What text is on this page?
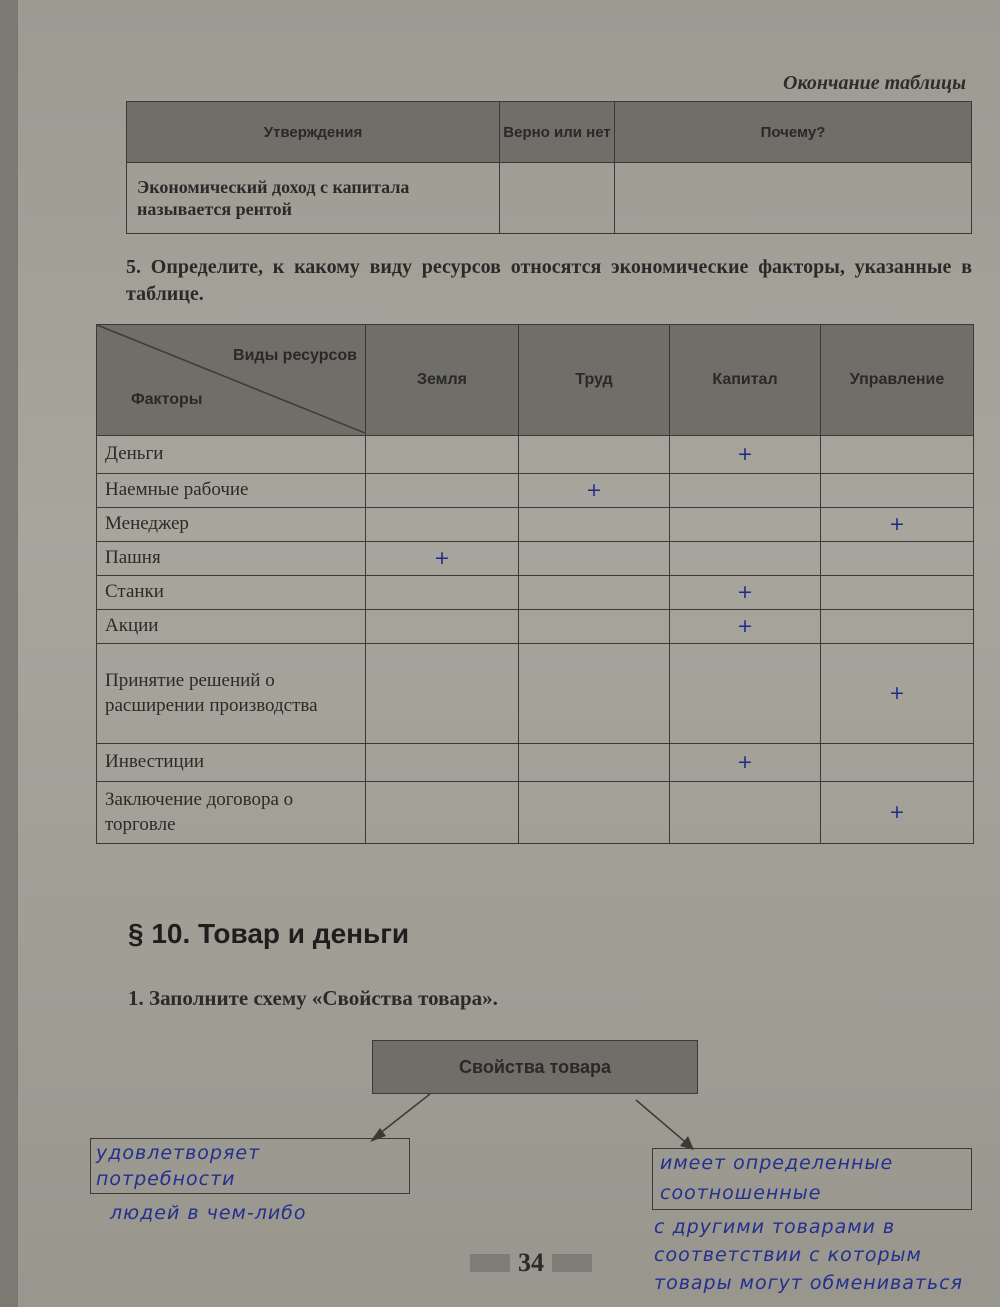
Окончание таблицы
Утверждения	Верно или нет	Почему?
Экономический доход с капитала называется рентой		
5. Определите, к какому виду ресурсов относятся экономические факторы, указанные в таблице.
Виды ресурсов
Факторы	Земля	Труд	Капитал	Управление
Деньги			+	
Наемные рабочие		+		
Менеджер				+
Пашня	+			
Станки			+	
Акции			+	
Принятие решений о расширении производства				+
Инвестиции			+	
Заключение договора о торговле				+
§ 10. Товар и деньги
1. Заполните схему «Свойства товара».
Свойства товара
удовлетворяет
потребности
людей в чем-либо
имеет определенные
соотношенные
с другими товарами в
соответствии с которым
товары могут обмениваться
34
